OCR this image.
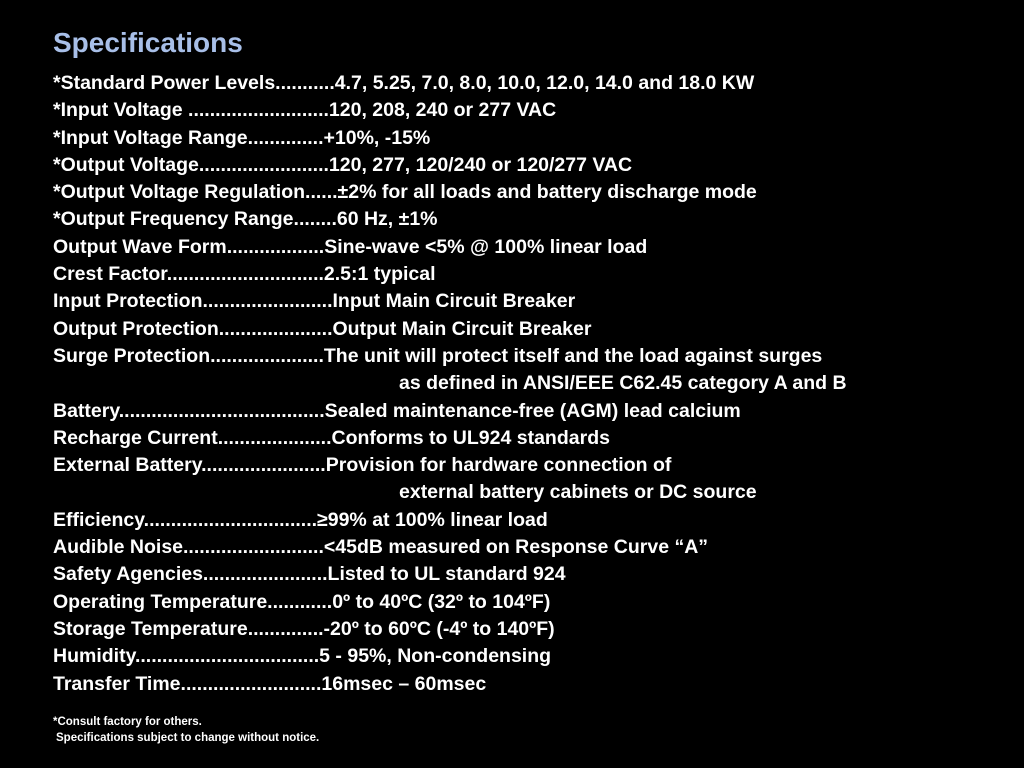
Specifications
*Standard Power Levels...........4.7, 5.25, 7.0, 8.0, 10.0, 12.0, 14.0 and 18.0 KW
*Input Voltage ..........................120, 208, 240 or 277 VAC
*Input Voltage Range..............+10%, -15%
*Output Voltage........................120, 277, 120/240 or 120/277 VAC
*Output Voltage Regulation......±2% for all loads and battery discharge mode
*Output Frequency Range........60 Hz, ±1%
Output Wave Form..................Sine-wave <5% @ 100% linear load
Crest Factor.............................2.5:1 typical
Input Protection........................Input Main Circuit Breaker
Output Protection.....................Output Main Circuit Breaker
Surge Protection.....................The unit will protect itself and the load against surges
as defined in ANSI/EEE C62.45 category A and B
Battery......................................Sealed maintenance-free (AGM) lead calcium
Recharge Current.....................Conforms to UL924 standards
External Battery.......................Provision for hardware connection of
external battery cabinets or DC source
Efficiency................................≥99% at 100% linear load
Audible Noise..........................<45dB measured on Response Curve “A”
Safety Agencies.......................Listed to UL standard 924
Operating Temperature............0º to 40ºC (32º to 104ºF)
Storage Temperature..............-20º to 60ºC (-4º to 140ºF)
Humidity..................................5 - 95%, Non-condensing
Transfer Time..........................16msec – 60msec
*Consult factory for others.
Specifications subject to change without notice.
